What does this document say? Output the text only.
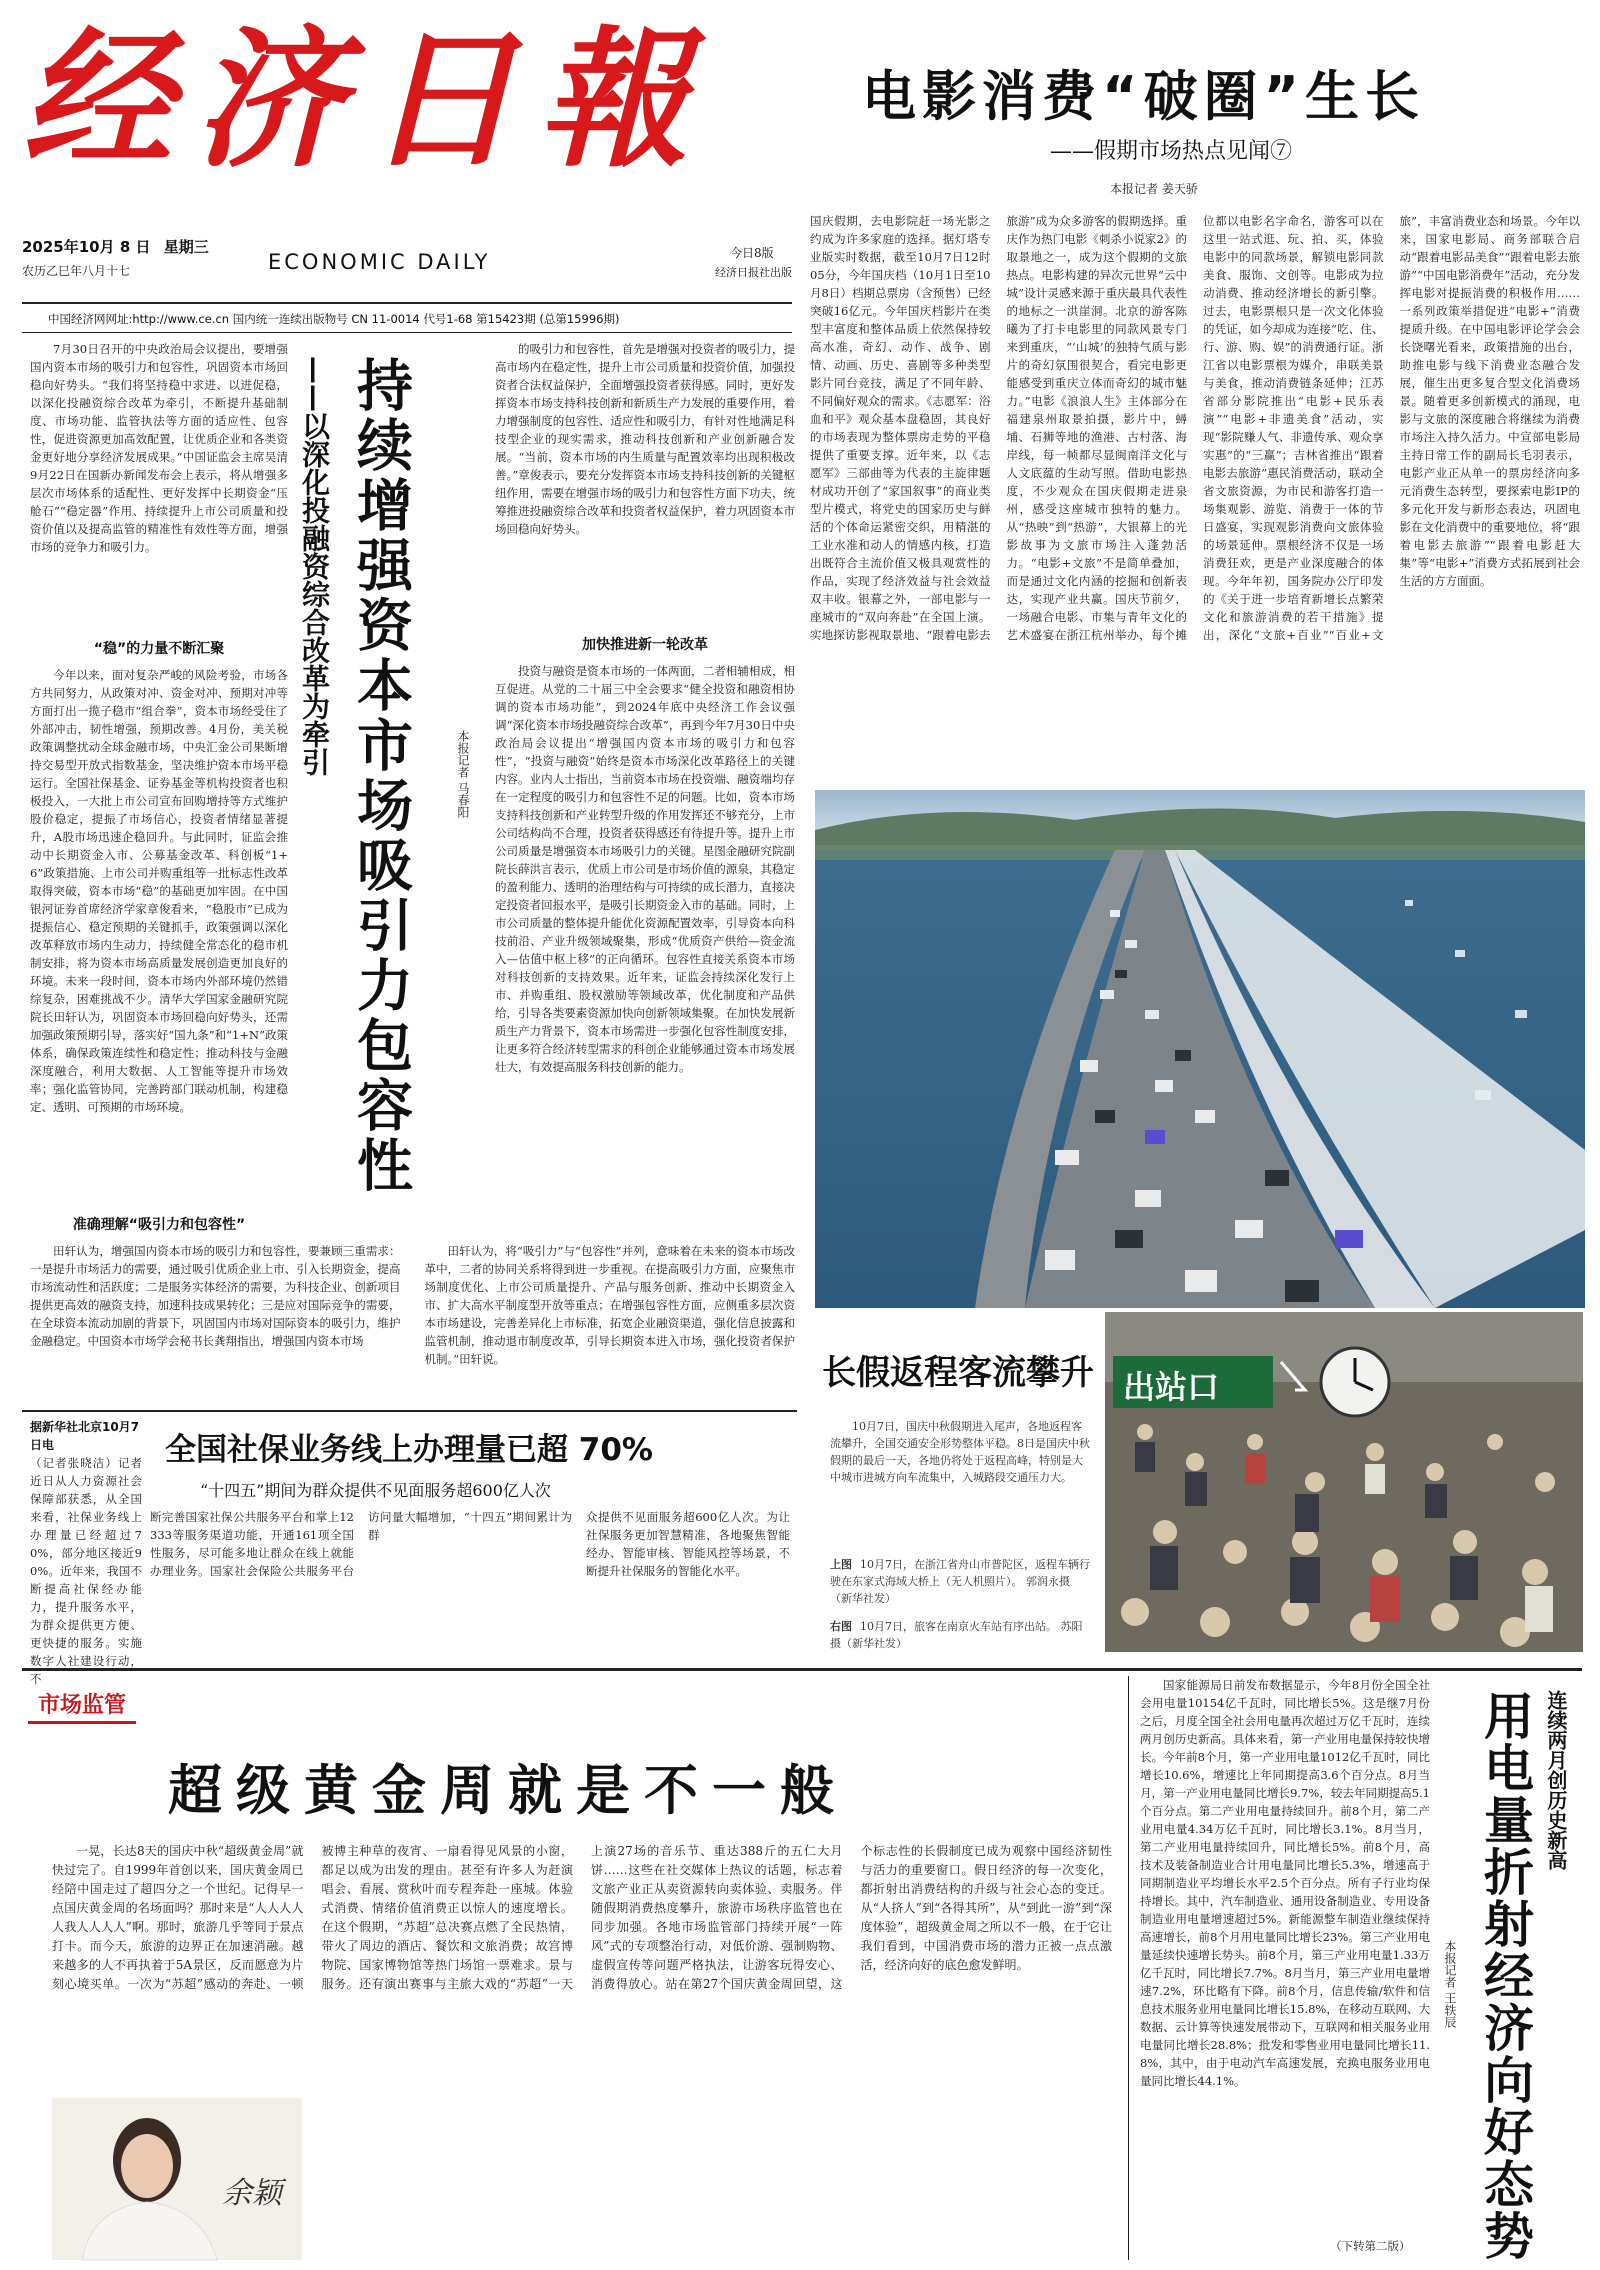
经济日報
2025年10月 8 日 星期三
农历乙巳年八月十七	ECONOMIC DAILY	今日8版
经济日报社出版
中国经济网网址:http://www.ce.cn 国内统一连续出版物号 CN 11-0014 代号1-68 第15423期 (总第15996期)
电影消费“破圈”生长
——假期市场热点见闻⑦
本报记者 姜天骄
国庆假期，去电影院赶一场光影之约成为许多家庭的选择。据灯塔专业版实时数据，截至10月7日12时05分，今年国庆档（10月1日至10月8日）档期总票房（含预售）已经突破16亿元。今年国庆档影片在类型丰富度和整体品质上依然保持较高水准，奇幻、动作、战争、剧情、动画、历史、喜剧等多种类型影片同台竞技，满足了不同年龄、不同偏好观众的需求。《志愿军：浴血和平》观众基本盘稳固，其良好的市场表现为整体票房走势的平稳提供了重要支撑。近年来，以《志愿军》三部曲等为代表的主旋律题材成功开创了“家国叙事”的商业类型片模式，将党史的国家历史与鲜活的个体命运紧密交织，用精湛的工业水准和动人的情感内核，打造出既符合主流价值又极具观赏性的作品，实现了经济效益与社会效益双丰收。银幕之外，一部电影与一座城市的“双向奔赴”在全国上演。实地探访影视取景地、“跟着电影去旅游”成为众多游客的假期选择。重庆作为热门电影《刺杀小说家2》的取景地之一，成为这个假期的文旅热点。电影构建的异次元世界“云中城”设计灵感来源于重庆最具代表性的地标之一洪崖洞。北京的游客陈曦为了打卡电影里的同款风景专门来到重庆，“‘山城’的独特气质与影片的奇幻氛围很契合，看完电影更能感受到重庆立体而奇幻的城市魅力。”电影《浪浪人生》主体部分在福建泉州取景拍摄，影片中，蟳埔、石狮等地的渔港、古村落、海岸线，每一帧都尽显闽南洋文化与人文底蕴的生动写照。借助电影热度，不少观众在国庆假期走进泉州，感受这座城市独特的魅力。从“热映”到“热游”，大银幕上的光影故事为文旅市场注入蓬勃活力。“电影+文旅”不是简单叠加，而是通过文化内涵的挖掘和创新表达，实现产业共赢。国庆节前夕，一场融合电影、市集与青年文化的艺术盛宴在浙江杭州举办，每个摊位都以电影名字命名，游客可以在这里一站式逛、玩、拍、买，体验电影中的同款场景，解锁电影同款美食、服饰、文创等。电影成为拉动消费、推动经济增长的新引擎。过去，电影票根只是一次文化体验的凭证，如今却成为连接“吃、住、行、游、购、娱”的消费通行证。浙江省以电影票根为媒介，串联美景与美食，推动消费链条延伸；江苏省部分影院推出“电影+民乐表演”“电影+非遗美食”活动，实现“影院赚人气、非遗传承、观众享实惠”的“三赢”；吉林省推出“跟着电影去旅游”惠民消费活动，联动全省文旅资源，为市民和游客打造一场集观影、游览、消费于一体的节日盛宴，实现观影消费向文旅体验的场景延伸。票根经济不仅是一场消费狂欢，更是产业深度融合的体现。今年年初，国务院办公厅印发的《关于进一步培育新增长点繁荣文化和旅游消费的若干措施》提出，深化“文旅+百业”“百业+文旅”，丰富消费业态和场景。今年以来，国家电影局、商务部联合启动“跟着电影品美食”“跟着电影去旅游”“中国电影消费年”活动，充分发挥电影对提振消费的积极作用……一系列政策举措促进“电影+”消费提质升级。在中国电影评论学会会长饶曙光看来，政策措施的出台，助推电影与线下消费业态融合发展，催生出更多复合型文化消费场景。随着更多创新模式的涌现，电影与文旅的深度融合将继续为消费市场注入持久活力。中宣部电影局主持日常工作的副局长毛羽表示，电影产业正从单一的票房经济向多元消费生态转型，要探索电影IP的多元化开发与新形态表达，巩固电影在文化消费中的重要地位，将“跟着电影去旅游”“跟着电影赶大集”等“电影+”消费方式拓展到社会生活的方方面面。

7月30日召开的中央政治局会议提出，要增强国内资本市场的吸引力和包容性，巩固资本市场回稳向好势头。“我们将坚持稳中求进、以进促稳，以深化投融资综合改革为牵引，不断提升基础制度、市场功能、监管执法等方面的适应性、包容性，促进资源更加高效配置，让优质企业和各类资金更好地分享经济发展成果。”中国证监会主席吴清9月22日在国新办新闻发布会上表示，将从增强多层次市场体系的适配性、更好发挥中长期资金“压舱石”“稳定器”作用、持续提升上市公司质量和投资价值以及提高监管的精准性有效性等方面，增强市场的竞争力和吸引力。

“稳”的力量不断汇聚

今年以来，面对复杂严峻的风险考验，市场各方共同努力，从政策对冲、资金对冲、预期对冲等方面打出一揽子稳市“组合拳”，资本市场经受住了外部冲击，韧性增强，预期改善。4月份，美关税政策调整扰动全球金融市场，中央汇金公司果断增持交易型开放式指数基金，坚决维护资本市场平稳运行。全国社保基金、证券基金等机构投资者也积极投入，一大批上市公司宣布回购增持等方式维护股价稳定，提振了市场信心，投资者情绪显著提升，A股市场迅速企稳回升。与此同时，证监会推动中长期资金入市、公募基金改革、科创板“1+6”政策措施、上市公司并购重组等一批标志性改革取得突破，资本市场“稳”的基础更加牢固。在中国银河证券首席经济学家章俊看来，“稳股市”已成为提振信心、稳定预期的关键抓手，政策强调以深化改革释放市场内生动力，持续健全常态化的稳市机制安排，将为资本市场高质量发展创造更加良好的环境。未来一段时间，资本市场内外部环境仍然错综复杂，困难挑战不少。清华大学国家金融研究院院长田轩认为，巩固资本市场回稳向好势头，还需加强政策预期引导，落实好“国九条”和“1+N”政策体系，确保政策连续性和稳定性；推动科技与金融深度融合，利用大数据、人工智能等提升市场效率；强化监管协同，完善跨部门联动机制，构建稳定、透明、可预期的市场环境。

准确理解“吸引力和包容性”
持续增强资本市场吸引力包容性
——以深化投融资综合改革为牵引	本报记者 马春阳

的吸引力和包容性，首先是增强对投资者的吸引力，提高市场内在稳定性，提升上市公司质量和投资价值，加强投资者合法权益保护，全面增强投资者获得感。同时，更好发挥资本市场支持科技创新和新质生产力发展的重要作用，着力增强制度的包容性、适应性和吸引力，有针对性地满足科技型企业的现实需求，推动科技创新和产业创新融合发展。“当前，资本市场的内生质量与配置效率均出现积极改善。”章俊表示，要充分发挥资本市场支持科技创新的关键枢纽作用，需要在增强市场的吸引力和包容性方面下功夫，统筹推进投融资综合改革和投资者权益保护，着力巩固资本市场回稳向好势头。

加快推进新一轮改革

投资与融资是资本市场的一体两面，二者相辅相成，相互促进。从党的二十届三中全会要求“健全投资和融资相协调的资本市场功能”，到2024年底中央经济工作会议强调“深化资本市场投融资综合改革”，再到今年7月30日中央政治局会议提出“增强国内资本市场的吸引力和包容性”，“投资与融资”始终是资本市场深化改革路径上的关键内容。业内人士指出，当前资本市场在投资端、融资端均存在一定程度的吸引力和包容性不足的问题。比如，资本市场支持科技创新和产业转型升级的作用发挥还不够充分，上市公司结构尚不合理，投资者获得感还有待提升等。提升上市公司质量是增强资本市场吸引力的关键。星图金融研究院副院长薛洪言表示，优质上市公司是市场价值的源泉，其稳定的盈利能力、透明的治理结构与可持续的成长潜力，直接决定投资者回报水平，是吸引长期资金入市的基础。同时，上市公司质量的整体提升能优化资源配置效率，引导资本向科技前沿、产业升级领域聚集，形成“优质资产供给—资金流入—估值中枢上移”的正向循环。包容性直接关系资本市场对科技创新的支持效果。近年来，证监会持续深化发行上市、并购重组、股权激励等领域改革，优化制度和产品供给，引导各类要素资源加快向创新领域集聚。在加快发展新质生产力背景下，资本市场需进一步强化包容性制度安排，让更多符合经济转型需求的科创企业能够通过资本市场发展壮大，有效提高服务科技创新的能力。

田轩认为，增强国内资本市场的吸引力和包容性，要兼顾三重需求：一是提升市场活力的需要，通过吸引优质企业上市、引入长期资金，提高市场流动性和活跃度；二是服务实体经济的需要，为科技企业、创新项目提供更高效的融资支持，加速科技成果转化；三是应对国际竞争的需要，在全球资本流动加剧的背景下，巩固国内市场对国际资本的吸引力，维护金融稳定。中国资本市场学会秘书长龚翔指出，增强国内资本市场

田轩认为，将“吸引力”与“包容性”并列，意味着在未来的资本市场改革中，二者的协同关系将得到进一步重视。在提高吸引力方面，应聚焦市场制度优化、上市公司质量提升、产品与服务创新、推动中长期资金入市、扩大高水平制度型开放等重点；在增强包容性方面，应侧重多层次资本市场建设，完善差异化上市标准，拓宽企业融资渠道，强化信息披露和监管机制，推动退市制度改革，引导长期资本进入市场，强化投资者保护机制。”田轩说。

据新华社北京10月7日电

（记者张晓洁）记者近日从人力资源社会保障部获悉，从全国来看，社保业务线上办理量已经超过70%，部分地区接近90%。近年来，我国不断提高社保经办能力，提升服务水平，为群众提供更方便、更快捷的服务。实施数字人社建设行动，不

全国社保业务线上办理量已超 70%
“十四五”期间为群众提供不见面服务超600亿人次

断完善国家社保公共服务平台和掌上12333等服务渠道功能，开通161项全国性服务，尽可能多地让群众在线上就能办理业务。国家社会保险公共服务平台访问量大幅增加，“十四五”期间累计为群

众提供不见面服务超600亿人次。为让社保服务更加智慧精准，各地聚焦智能经办、智能审核、智能风控等场景，不断提升社保服务的智能化水平。

出站口
长假返程客流攀升
10月7日，国庆中秋假期进入尾声，各地返程客流攀升，全国交通安全形势整体平稳。8日是国庆中秋假期的最后一天，各地仍将处于返程高峰，特别是大中城市进城方向车流集中，入城路段交通压力大。
上图 10月7日，在浙江省舟山市普陀区，返程车辆行驶在东家式海域大桥上（无人机照片）。 郭润永摄（新华社发）
右图 10月7日，旅客在南京火车站有序出站。 苏阳摄（新华社发）
市场监管
超级黄金周就是不一般
一晃，长达8天的国庆中秋“超级黄金周”就快过完了。自1999年首创以来，国庆黄金周已经陪中国走过了超四分之一个世纪。记得早一点国庆黄金周的名场面吗？那时来是“人人人人人我人人人人”啊。那时，旅游几乎等同于景点打卡。而今天，旅游的边界正在加速消融。越来越多的人不再执着于5A景区，反而愿意为片刻心境买单。一次为“苏超”感动的奔赴、一顿被博主种草的夜宵、一扇看得见风景的小窗，都足以成为出发的理由。甚至有许多人为赶演唱会、看展、赏秋叶而专程奔赴一座城。体验式消费、情绪价值消费正以惊人的速度增长。在这个假期，“苏超”总决赛点燃了全民热情，带火了周边的酒店、餐饮和文旅消费；故宫博物院、国家博物馆等热门场馆一票难求。景与服务。还有演出赛事与主旅大戏的“苏超”一天上演27场的音乐节、重达388斤的五仁大月饼……这些在社交媒体上热议的话题，标志着文旅产业正从卖资源转向卖体验、卖服务。伴随假期消费热度攀升，旅游市场秩序监管也在同步加强。各地市场监管部门持续开展“一阵风”式的专项整治行动，对低价游、强制购物、虚假宣传等问题严格执法，让游客玩得安心、消费得放心。站在第27个国庆黄金周回望，这个标志性的长假制度已成为观察中国经济韧性与活力的重要窗口。假日经济的每一次变化，都折射出消费结构的升级与社会心态的变迁。从“人挤人”到“各得其所”，从“到此一游”到“深度体验”，超级黄金周之所以不一般，在于它让我们看到，中国消费市场的潜力正被一点点激活，经济向好的底色愈发鲜明。
余颖
国家能源局日前发布数据显示，今年8月份全国全社会用电量10154亿千瓦时，同比增长5%。这是继7月份之后，月度全国全社会用电量再次超过万亿千瓦时，连续两月创历史新高。具体来看，第一产业用电量保持较快增长。今年前8个月，第一产业用电量1012亿千瓦时，同比增长10.6%，增速比上年同期提高3.6个百分点。8月当月，第一产业用电量同比增长9.7%，较去年同期提高5.1个百分点。第二产业用电量持续回升。前8个月，第二产业用电量4.34万亿千瓦时，同比增长3.1%。8月当月，第二产业用电量持续回升，同比增长5%。前8个月，高技术及装备制造业合计用电量同比增长5.3%，增速高于同期制造业平均增长水平2.5个百分点。所有子行业均保持增长。其中，汽车制造业、通用设备制造业、专用设备制造业用电量增速超过5%。新能源整车制造业继续保持高速增长，前8个月用电量同比增长23%。第三产业用电量延续快速增长势头。前8个月，第三产业用电量1.33万亿千瓦时，同比增长7.7%。8月当月，第三产业用电量增速7.2%，环比略有下降。前8个月，信息传输/软件和信息技术服务业用电量同比增长15.8%，在移动互联网、大数据、云计算等快速发展带动下，互联网和相关服务业用电量同比增长28.8%；批发和零售业用电量同比增长11.8%，其中，由于电动汽车高速发展，充换电服务业用电量同比增长44.1%。
（下转第二版）
连续两月创历史新高
用电量折射经济向好态势
本报记者 王轶辰
